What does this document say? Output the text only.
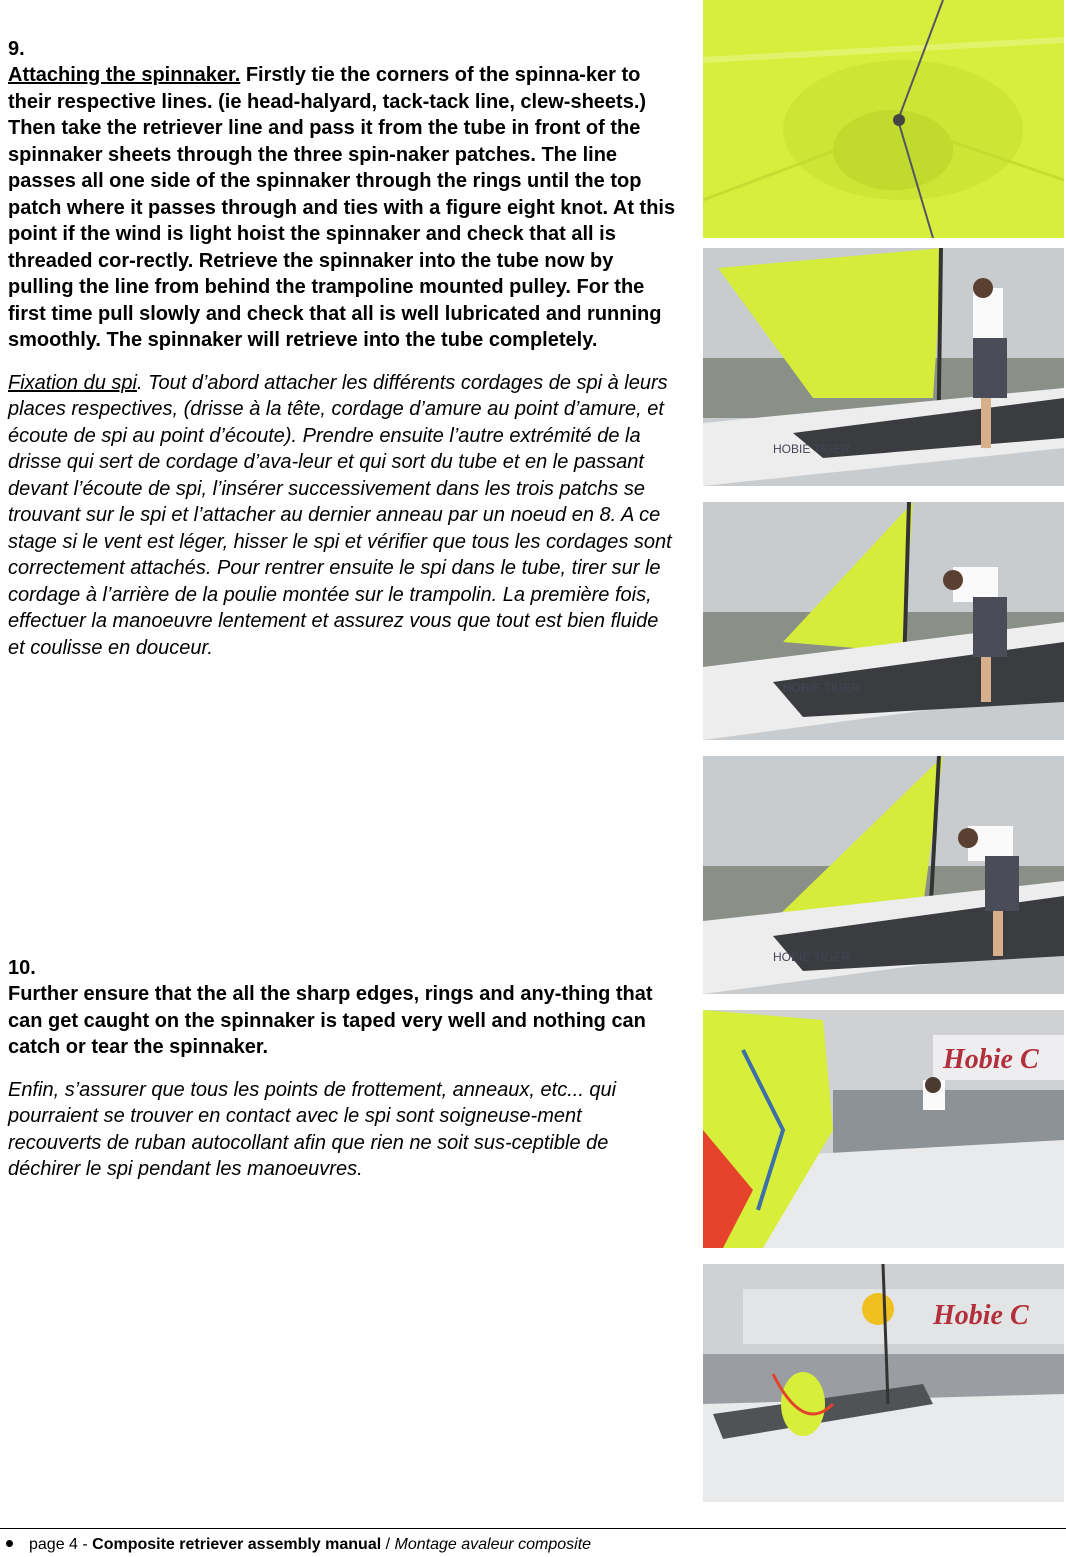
9.

Attaching the spinnaker. Firstly tie the corners of the spinna-ker to their respective lines. (ie head-halyard, tack-tack line, clew-sheets.) Then take the retriever line and pass it from the tube in front of the spinnaker sheets through the three spin-naker patches. The line passes all one side of the spinnaker through the rings until the top patch where it passes through and ties with a figure eight knot. At this point if the wind is light hoist the spinnaker and check that all is threaded cor-rectly. Retrieve the spinnaker into the tube now by pulling the line from behind the trampoline mounted pulley. For the first time pull slowly and check that all is well lubricated and running smoothly. The spinnaker will retrieve into the tube completely.

Fixation du spi. Tout d’abord attacher les différents cordages de spi à leurs places respectives, (drisse à la tête, cordage d’amure au point d’amure, et écoute de spi au point d’écoute). Prendre ensuite l’autre extrémité de la drisse qui sert de cordage d’ava-leur et qui sort du tube et en le passant devant l’écoute de spi, l’insérer successivement dans les trois patchs se trouvant sur le spi et l’attacher au dernier anneau par un noeud en 8. A ce stage si le vent est léger, hisser le spi et vérifier que tous les cordages sont correctement attachés. Pour rentrer ensuite le spi dans le tube, tirer sur le cordage à l’arrière de la poulie montée sur le trampolin. La première fois, effectuer la manoeuvre lentement et assurez vous que tout est bien fluide et coulisse en douceur.

10.

Further ensure that the all the sharp edges, rings and any-thing that can get caught on the spinnaker is taped very well and nothing can catch or tear the spinnaker.

Enfin, s’assurer que tous les points de frottement, anneaux, etc... qui pourraient se trouver en contact avec le spi sont soigneuse-ment recouverts de ruban autocollant afin que rien ne soit sus-ceptible de déchirer le spi pendant les manoeuvres.

HOBIE TIGER
HOBIE TIGER
HOBIE TIGER
Hobie C
Hobie C
page 4 - Composite retriever assembly manual / Montage avaleur composite
